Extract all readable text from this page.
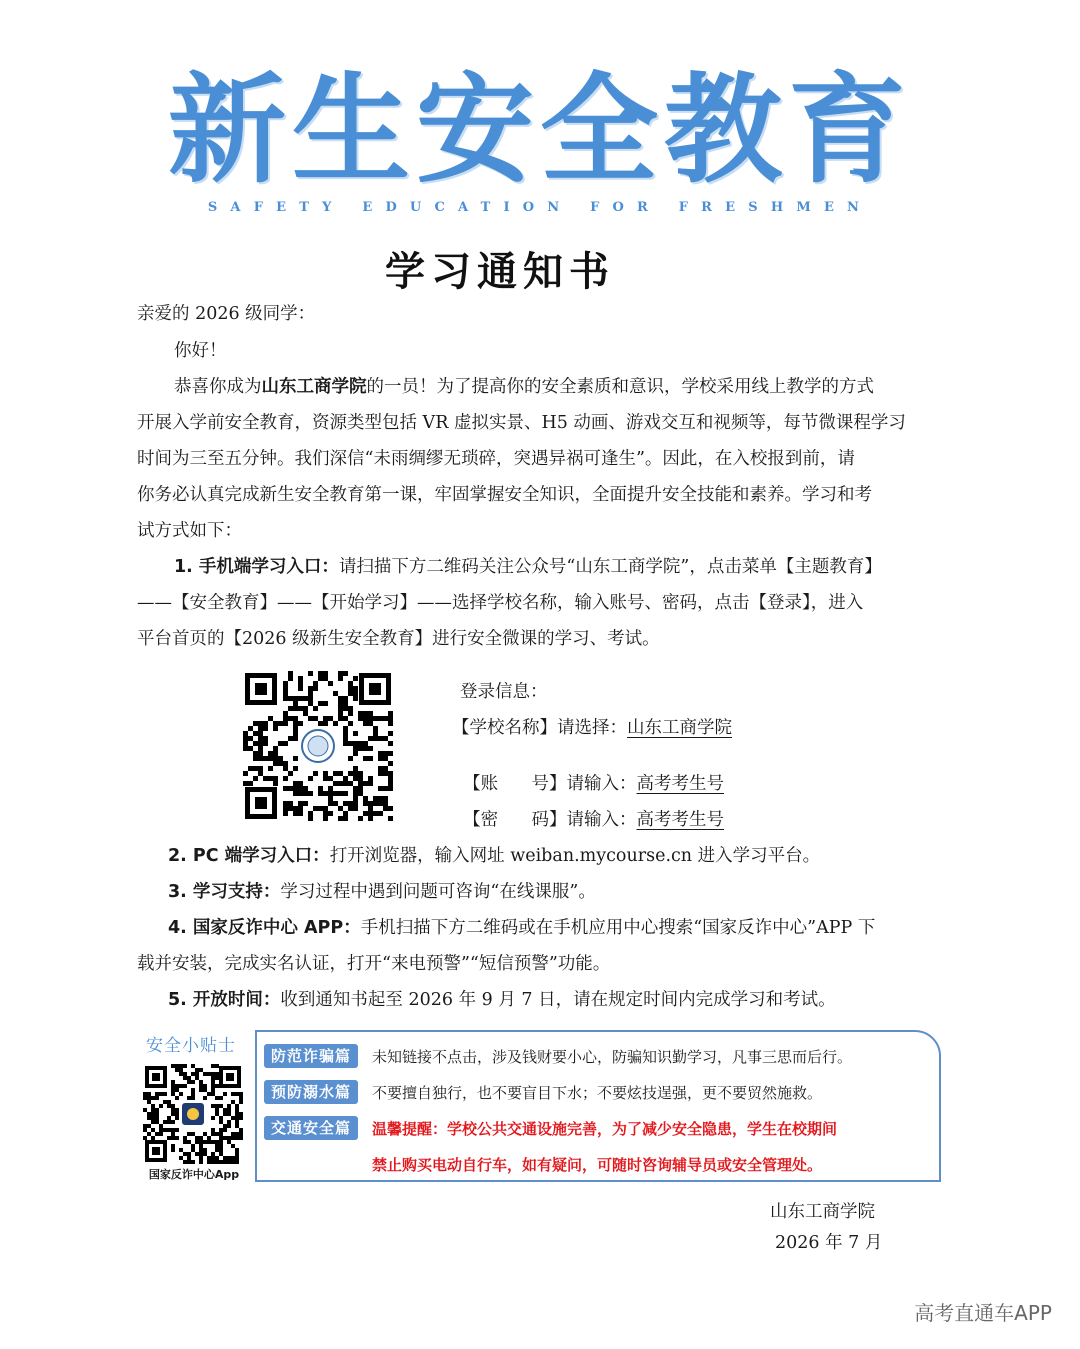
新生安全教育
SAFETY EDUCATION FOR FRESHMEN
学习通知书
亲爱的 2026 级同学：
你好！
恭喜你成为山东工商学院的一员！为了提高你的安全素质和意识，学校采用线上教学的方式
开展入学前安全教育，资源类型包括 VR 虚拟实景、H5 动画、游戏交互和视频等，每节微课程学习
时间为三至五分钟。我们深信“未雨绸缪无琐碎，突遇异祸可逢生”。因此，在入校报到前，请
你务必认真完成新生安全教育第一课，牢固掌握安全知识，全面提升安全技能和素养。学习和考
试方式如下：
1. 手机端学习入口：请扫描下方二维码关注公众号“山东工商学院”，点击菜单【主题教育】
——【安全教育】——【开始学习】——选择学校名称，输入账号、密码，点击【登录】，进入
平台首页的【2026 级新生安全教育】进行安全微课的学习、考试。
登录信息：
【学校名称】请选择：山东工商学院

【账      号】请输入：高考考生号

【密      码】请输入：高考考生号

2. PC 端学习入口：打开浏览器，输入网址 weiban.mycourse.cn 进入学习平台。
3. 学习支持：学习过程中遇到问题可咨询“在线课服”。
4. 国家反诈中心 APP：手机扫描下方二维码或在手机应用中心搜索“国家反诈中心”APP 下
载并安装，完成实名认证，打开“来电预警”“短信预警”功能。
5. 开放时间：收到通知书起至 2026 年 9 月 7 日，请在规定时间内完成学习和考试。
安全小贴士
国家反诈中心App
防范诈骗篇	未知链接不点击，涉及钱财要小心，防骗知识勤学习，凡事三思而后行。
预防溺水篇	不要擅自独行，也不要盲目下水；不要炫技逞强，更不要贸然施救。
交通安全篇	温馨提醒：学校公共交通设施完善，为了减少安全隐患，学生在校期间
禁止购买电动自行车，如有疑问，可随时咨询辅导员或安全管理处。
山东工商学院
2026 年 7 月
高考直通车APP
